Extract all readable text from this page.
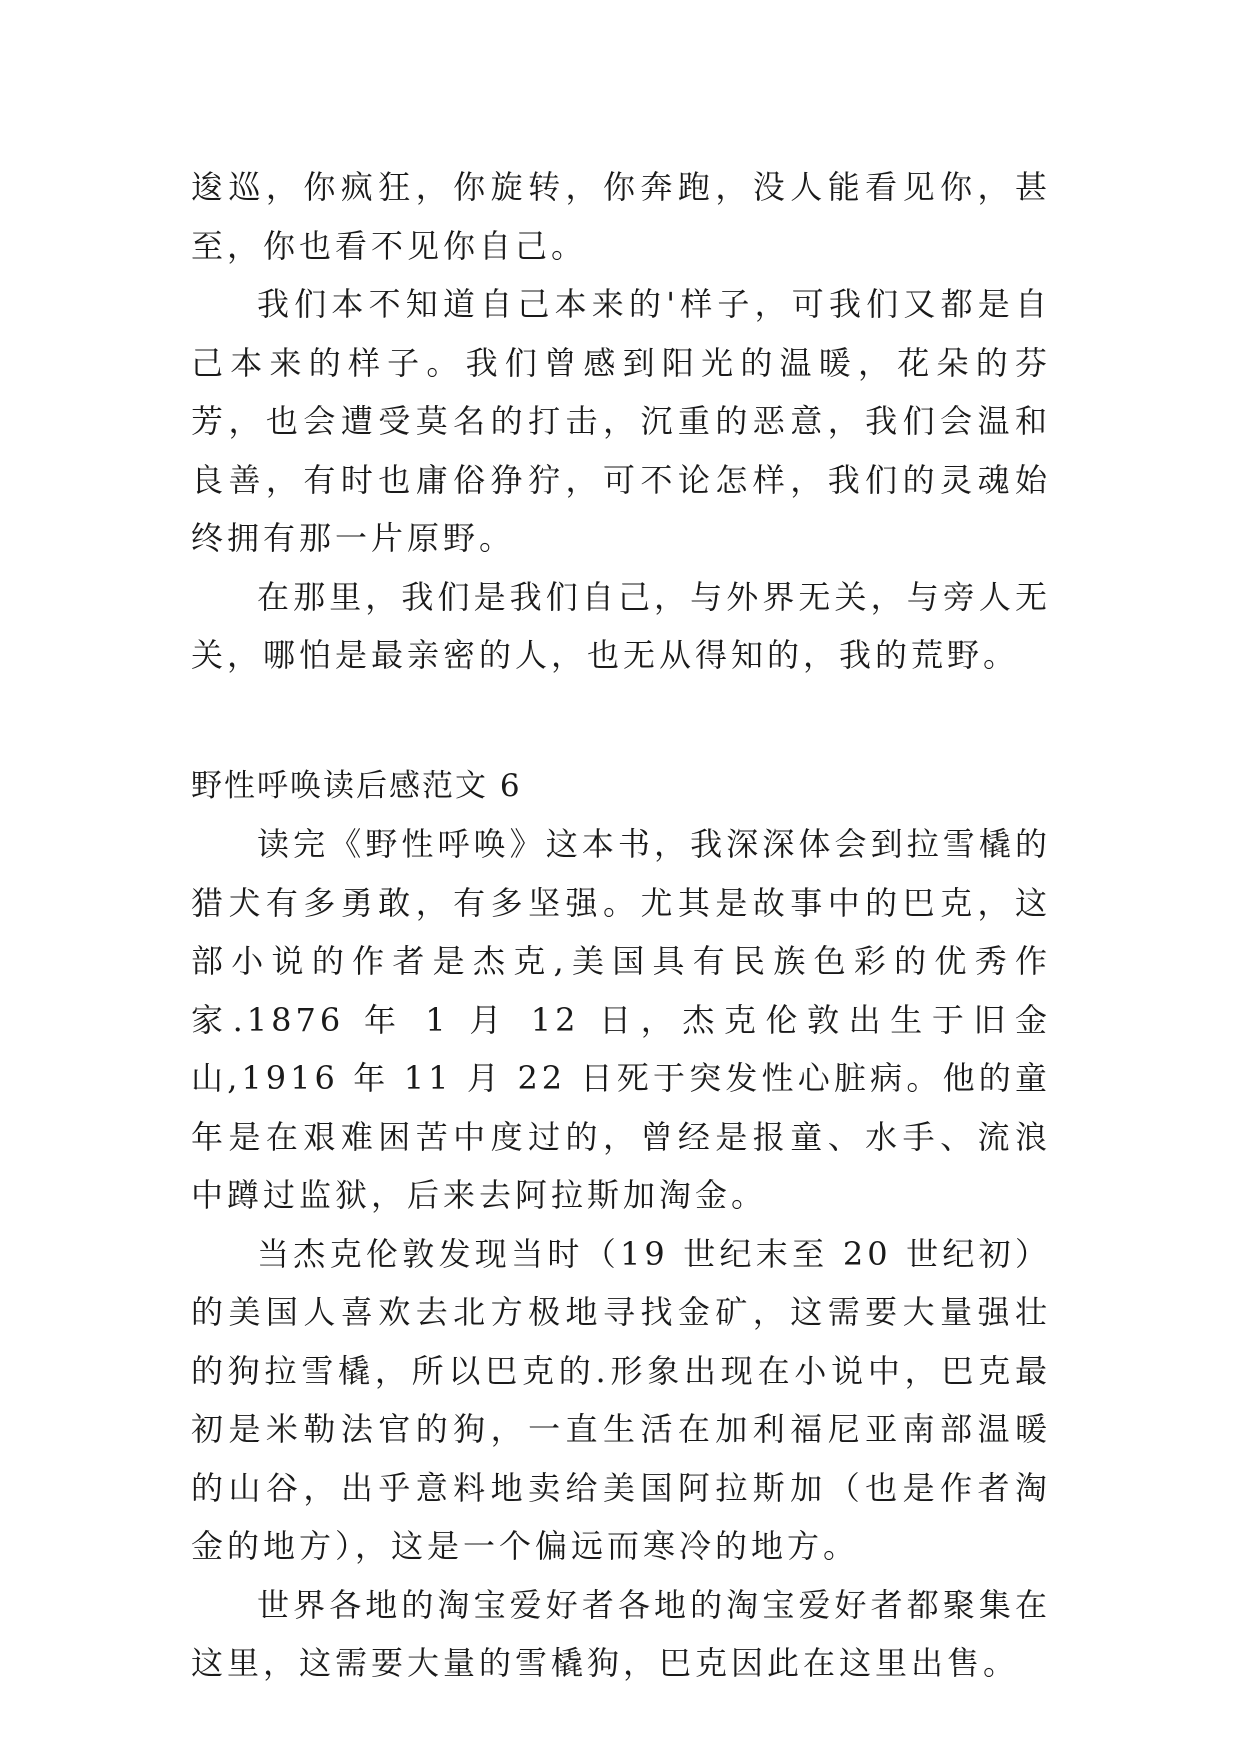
逡巡，你疯狂，你旋转，你奔跑，没人能看见你，甚至，你也看不见你自己。

我们本不知道自己本来的'样子，可我们又都是自己本来的样子。我们曾感到阳光的温暖，花朵的芬芳，也会遭受莫名的打击，沉重的恶意，我们会温和良善，有时也庸俗狰狞，可不论怎样，我们的灵魂始终拥有那一片原野。

在那里，我们是我们自己，与外界无关，与旁人无关，哪怕是最亲密的人，也无从得知的，我的荒野。

野性呼唤读后感范文 6

读完《野性呼唤》这本书，我深深体会到拉雪橇的猎犬有多勇敢，有多坚强。尤其是故事中的巴克，这部小说的作者是杰克,美国具有民族色彩的优秀作家.1876 年 1 月 12 日，杰克伦敦出生于旧金山,1916 年 11 月 22 日死于突发性心脏病。他的童年是在艰难困苦中度过的，曾经是报童、水手、流浪中蹲过监狱，后来去阿拉斯加淘金。

当杰克伦敦发现当时（19 世纪末至 20 世纪初）的美国人喜欢去北方极地寻找金矿，这需要大量强壮的狗拉雪橇，所以巴克的.形象出现在小说中，巴克最初是米勒法官的狗，一直生活在加利福尼亚南部温暖的山谷，出乎意料地卖给美国阿拉斯加（也是作者淘金的地方），这是一个偏远而寒冷的地方。

世界各地的淘宝爱好者各地的淘宝爱好者都聚集在这里，这需要大量的雪橇狗，巴克因此在这里出售。
